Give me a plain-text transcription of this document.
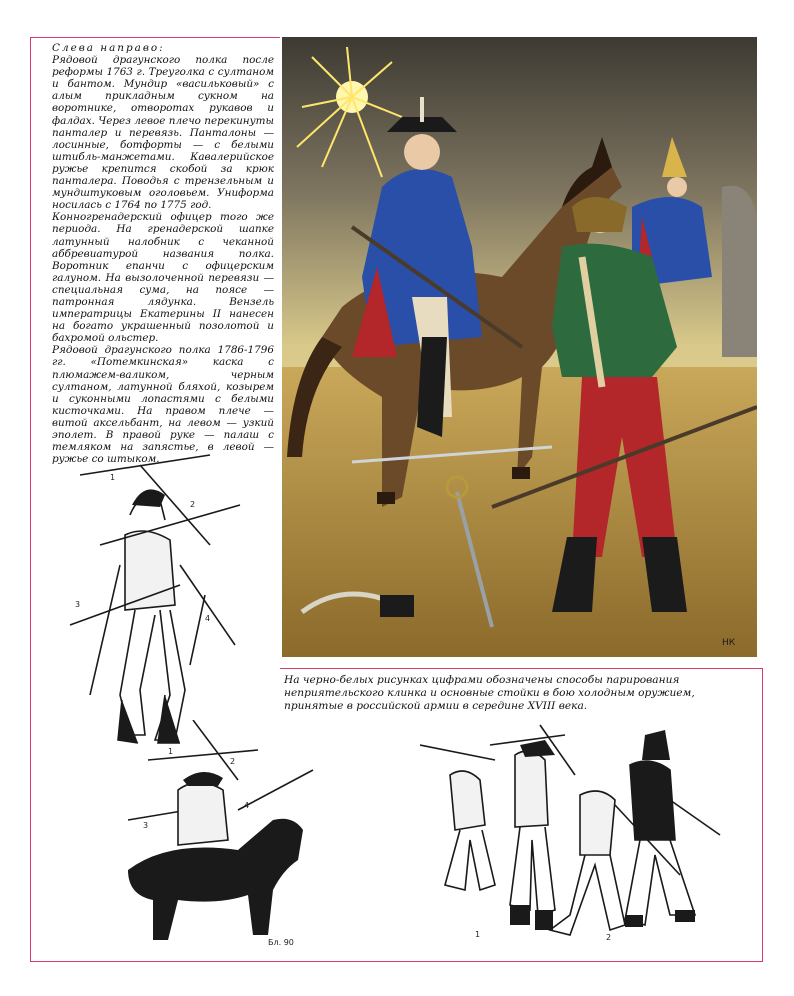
Слева направо:

Рядовой драгунского полка после реформы 1763 г. Треуголка с султаном и бантом. Мундир «васильковый» с алым прикладным сукном на воротнике, отворотах рукавов и фалдах. Через левое плечо перекинуты панталер и перевязь. Панталоны — лосинные, ботфорты — с белыми штибль-манжетами. Кавалерийское ружье крепится скобой за крюк панталера. Поводья с трензельным и мундштуковым оголовьем. Униформа носилась с 1764 по 1775 год.

Конногренадерский офицер того же периода. На гренадерской шапке латунный налобник с чеканной аббревиатурой названия полка. Воротник епанчи с офицерским галуном. На вызолоченной перевязи — специальная сума, на поясе — патронная лядунка. Вензель императрицы Екатерины II нанесен на богато украшенный позолотой и бахромой ольстер.

Рядовой драгунского полка 1786-1796 гг. «Потемкинская» каска с плюмажем-валиком, черным султаном, латунной бляхой, козырем и суконными лопастями с белыми кисточками. На правом плече — витой аксельбант, на левом — узкий эполет. В правой руке — палаш с темляком на запястье, в левой — ружье со штыком.

НК
На черно-белых рисунках цифрами обозначены способы парирования неприятельского клинка и основные стойки в бою холодным оружием, принятые в российской армии в середине XVIII века.
1
2
3
4
1
2
3
4
Бл. 90
1	2
